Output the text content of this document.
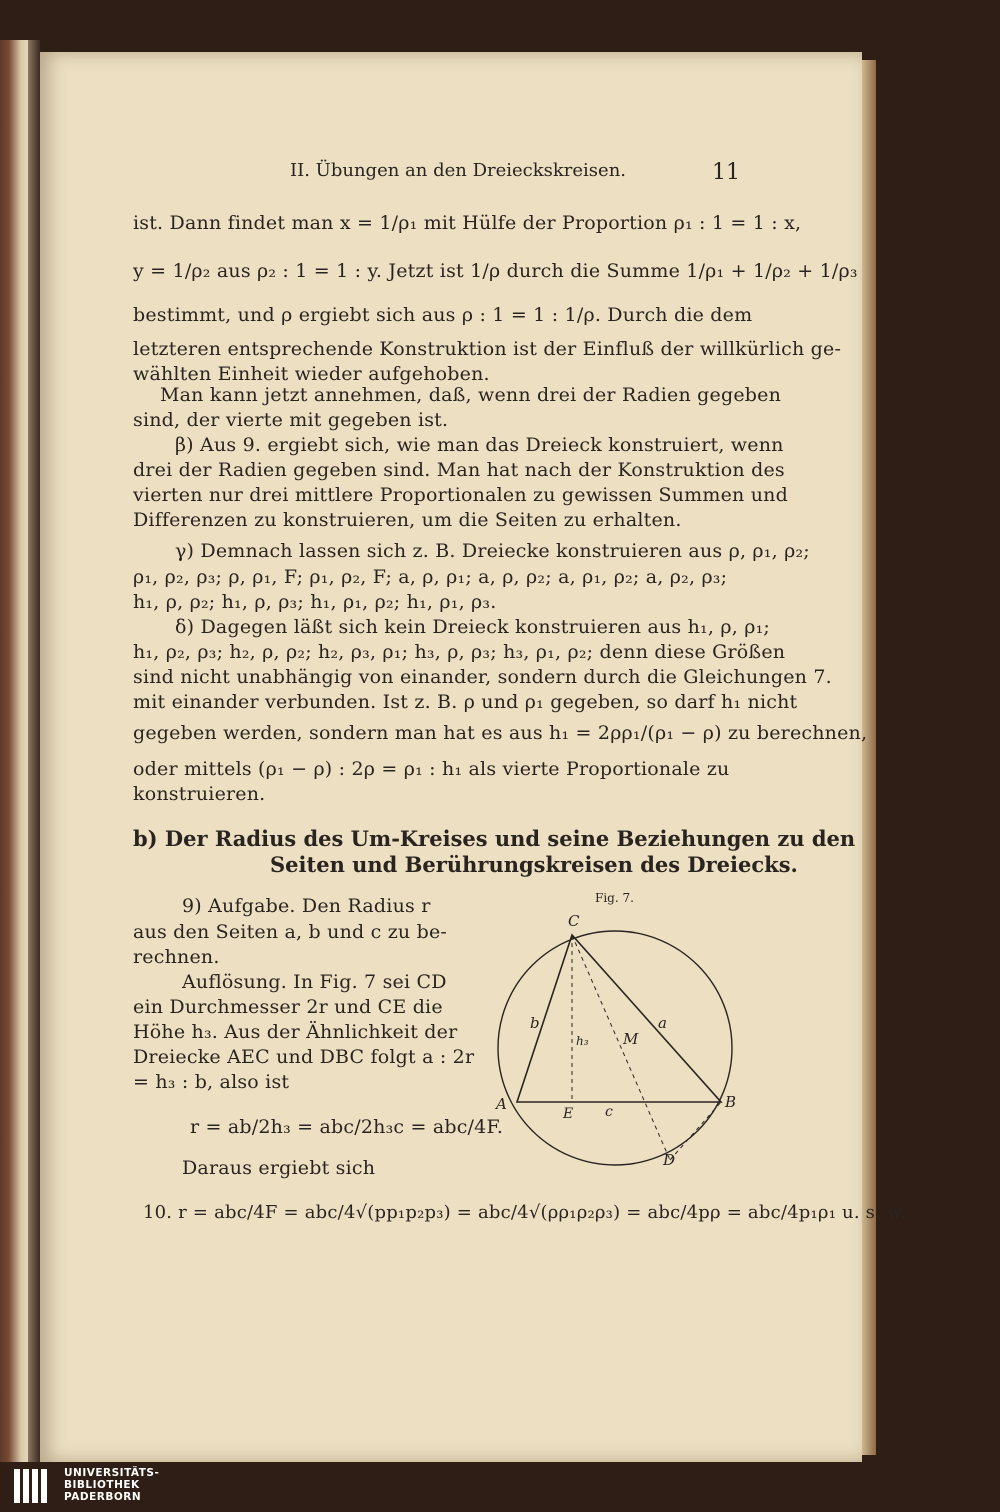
II. Übungen an den Dreieckskreisen.	11
ist. Dann findet man x = 1/ρ₁ mit Hülfe der Proportion ρ₁ : 1 = 1 : x,
y = 1/ρ₂ aus ρ₂ : 1 = 1 : y. Jetzt ist 1/ρ durch die Summe 1/ρ₁ + 1/ρ₂ + 1/ρ₃
bestimmt, und ρ ergiebt sich aus ρ : 1 = 1 : 1/ρ. Durch die dem
letzteren entsprechende Konstruktion ist der Einfluß der willkürlich ge-
wählten Einheit wieder aufgehoben.
Man kann jetzt annehmen, daß, wenn drei der Radien gegeben
sind, der vierte mit gegeben ist.
β) Aus 9. ergiebt sich, wie man das Dreieck konstruiert, wenn
drei der Radien gegeben sind. Man hat nach der Konstruktion des
vierten nur drei mittlere Proportionalen zu gewissen Summen und
Differenzen zu konstruieren, um die Seiten zu erhalten.
γ) Demnach lassen sich z. B. Dreiecke konstruieren aus ρ, ρ₁, ρ₂;
ρ₁, ρ₂, ρ₃; ρ, ρ₁, F; ρ₁, ρ₂, F; a, ρ, ρ₁; a, ρ, ρ₂; a, ρ₁, ρ₂; a, ρ₂, ρ₃;
h₁, ρ, ρ₂; h₁, ρ, ρ₃; h₁, ρ₁, ρ₂; h₁, ρ₁, ρ₃.
δ) Dagegen läßt sich kein Dreieck konstruieren aus h₁, ρ, ρ₁;
h₁, ρ₂, ρ₃; h₂, ρ, ρ₂; h₂, ρ₃, ρ₁; h₃, ρ, ρ₃; h₃, ρ₁, ρ₂; denn diese Größen
sind nicht unabhängig von einander, sondern durch die Gleichungen 7.
mit einander verbunden. Ist z. B. ρ und ρ₁ gegeben, so darf h₁ nicht
gegeben werden, sondern man hat es aus h₁ = 2ρρ₁/(ρ₁ − ρ) zu berechnen,
oder mittels (ρ₁ − ρ) : 2ρ = ρ₁ : h₁ als vierte Proportionale zu
konstruieren.
b) Der Radius des Um-Kreises und seine Beziehungen zu den
Seiten und Berührungskreisen des Dreiecks.
9) Aufgabe. Den Radius r
aus den Seiten a, b und c zu be-
rechnen.
Auflösung. In Fig. 7 sei CD
ein Durchmesser 2r und CE die
Höhe h₃. Aus der Ähnlichkeit der
Dreiecke AEC und DBC folgt a : 2r
= h₃ : b, also ist
r = ab/2h₃ = abc/2h₃c = abc/4F.
Daraus ergiebt sich
10. r = abc/4F = abc/4√(pp₁p₂p₃) = abc/4√(ρρ₁ρ₂ρ₃) = abc/4pρ = abc/4p₁ρ₁ u. s. w.
Fig. 7.
C
A	B
D
E
M
a
b
c
h₃
UNIVERSITÄTS-
BIBLIOTHEK
PADERBORN
